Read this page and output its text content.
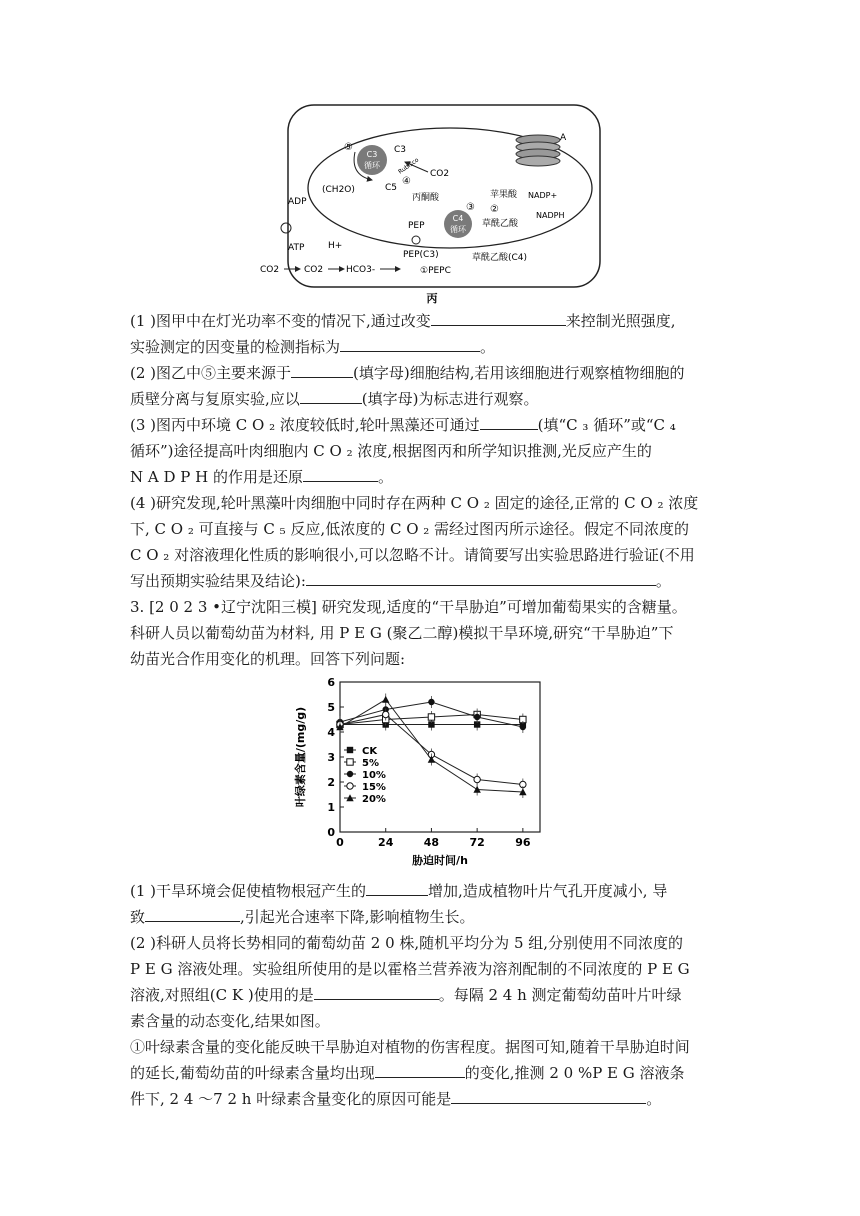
C3
循环
⑤	C3
C5
(CH2O)
Rubisco
④
CO2
A
苹果酸
丙酮酸	NADP+
NADPH
②
③
草酰乙酸
C4
循环
PEP
PEP(C3)	草酰乙酸(C4)
①PEPC
ADP
ATP	H+
CO2	CO2	HCO3-
丙
(1 )图甲中在灯光功率不变的情况下,通过改变	来控制光照强度,
实验测定的因变量的检测指标为	。
(2 )图乙中⑤主要来源于	(填字母)细胞结构,若用该细胞进行观察植物细胞的
质壁分离与复原实验,应以	(填字母)为标志进行观察。
(3 )图丙中环境 C O ₂ 浓度较低时,轮叶黑藻还可通过	(填“C ₃ 循环”或“C ₄
循环”)途径提高叶肉细胞内 C O ₂ 浓度,根据图丙和所学知识推测,光反应产生的
N A D P H 的作用是还原	。
(4 )研究发现,轮叶黑藻叶肉细胞中同时存在两种 C O ₂ 固定的途径,正常的 C O ₂ 浓度
下, C O ₂ 可直接与 C ₅ 反应,低浓度的 C O ₂ 需经过图丙所示途径。假定不同浓度的
C O ₂ 对溶液理化性质的影响很小,可以忽略不计。请简要写出实验思路进行验证(不用
写出预期实验结果及结论):	。
3. [2 0 2 3 •辽宁沈阳三模] 研究发现,适度的“干旱胁迫”可增加葡萄果实的含糖量。
科研人员以葡萄幼苗为材料, 用 P E G (聚乙二醇)模拟干旱环境,研究“干旱胁迫”下
幼苗光合作用变化的机理。回答下列问题:
0
1
2
3
4
5
6
0	24	48	72	96
胁迫时间/h
叶绿素含量/(mg/g)	CK
5%
10%
15%
20%
(1 )干旱环境会促使植物根冠产生的	增加,造成植物叶片气孔开度减小, 导
致	,引起光合速率下降,影响植物生长。
(2 )科研人员将长势相同的葡萄幼苗 2 0 株,随机平均分为 5 组,分别使用不同浓度的
P E G 溶液处理。实验组所使用的是以霍格兰营养液为溶剂配制的不同浓度的 P E G
溶液,对照组(C K )使用的是	。每隔 2 4 h 测定葡萄幼苗叶片叶绿
素含量的动态变化,结果如图。
①叶绿素含量的变化能反映干旱胁迫对植物的伤害程度。据图可知,随着干旱胁迫时间
的延长,葡萄幼苗的叶绿素含量均出现	的变化,推测 2 0 %P E G 溶液条
件下, 2 4 ～7 2 h 叶绿素含量变化的原因可能是	。
